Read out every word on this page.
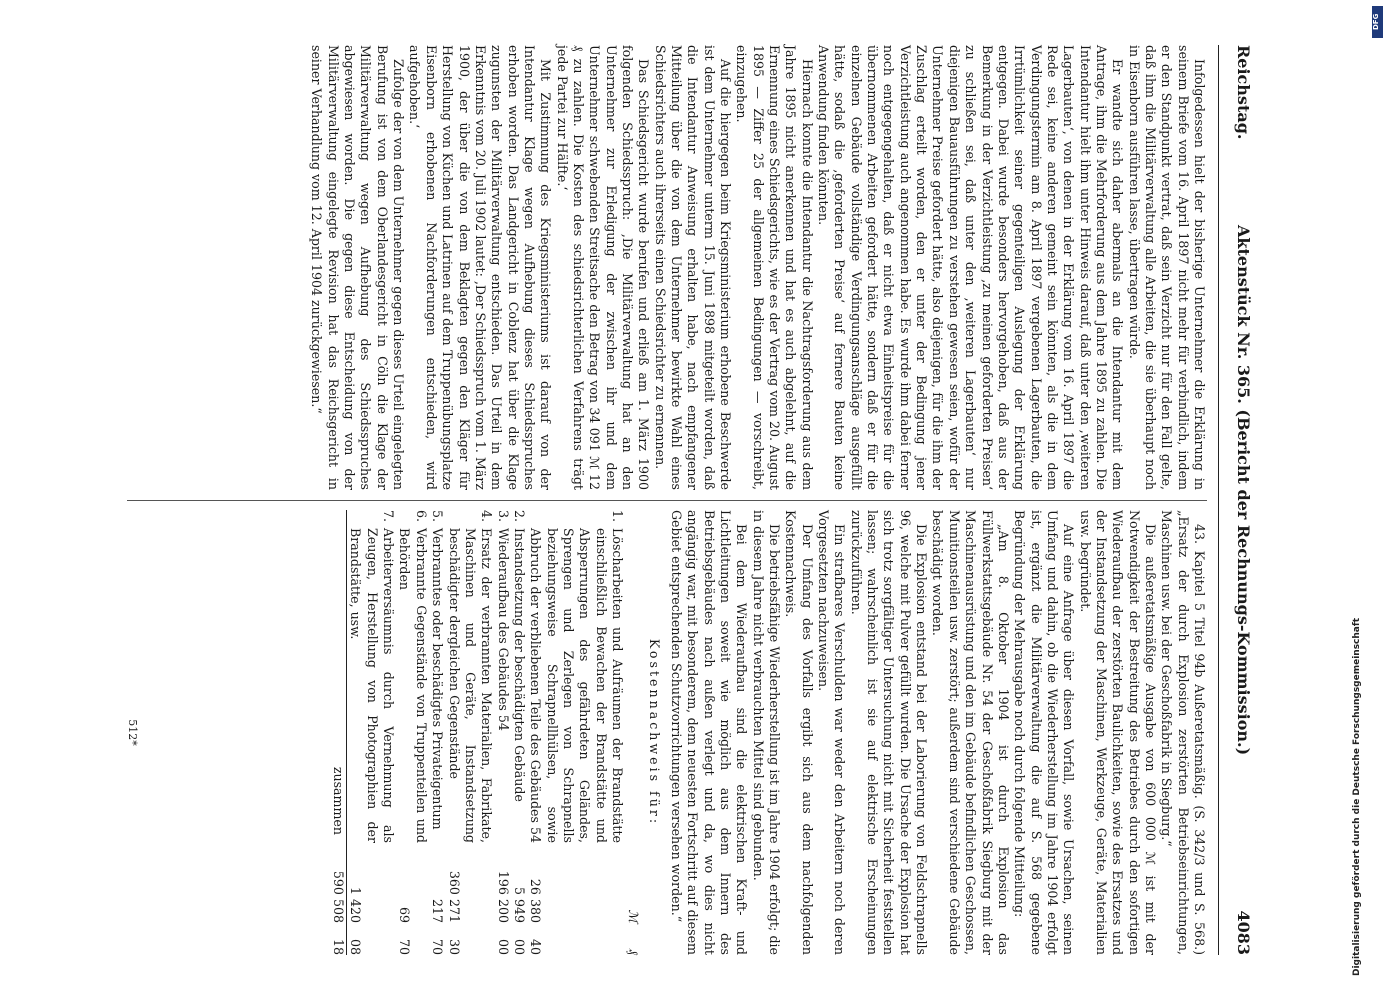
Reichstag.
Aktenstück Nr. 365. (Bericht der Rechnungs-Kommission.)
4083

Infolgedessen hielt der bisherige Unternehmer die Erklärung in seinem Briefe vom 16. April 1897 nicht mehr für verbindlich, indem er den Standpunkt vertrat, daß sein Verzicht nur für den Fall gelte, daß ihm die Militärverwaltung alle Arbeiten, die sie überhaupt noch in Eisenborn ausführen lasse, übertragen würde.

Er wandte sich daher abermals an die Intendantur mit dem Antrage, ihm die Mehrforderung aus dem Jahre 1895 zu zahlen. Die Intendantur hielt ihm unter Hinweis darauf, daß unter den ‚weiteren Lagerbauten‘, von denen in der Erklärung vom 16. April 1897 die Rede sei, keine anderen gemeint sein könnten, als die in dem Verdingungstermin am 8. April 1897 vergebenen Lagerbauten, die Irrtümlichkeit seiner gegenteiligen Auslegung der Erklärung entgegen. Dabei wurde besonders hervorgehoben, daß aus der Bemerkung in der Verzichtleistung ‚zu meinen geforderten Preisen‘ zu schließen sei, daß unter den ‚weiteren Lagerbauten‘ nur diejenigen Bauausführungen zu verstehen gewesen seien, wofür der Unternehmer Preise gefordert hätte, also diejenigen, für die ihm der Zuschlag erteilt worden, den er unter der Bedingung jener Verzichtleistung auch angenommen habe. Es wurde ihm dabei ferner noch entgegengehalten, daß er nicht etwa Einheitspreise für die übernommenen Arbeiten gefordert hätte, sondern daß er für die einzelnen Gebäude vollständige Verdingungsanschläge ausgefüllt hätte, sodaß die ‚geforderten Preise‘ auf fernere Bauten keine Anwendung finden könnten.

Hiernach konnte die Intendantur die Nachtragsforderung aus dem Jahre 1895 nicht anerkennen und hat es auch abgelehnt, auf die Ernennung eines Schiedsgerichts, wie es der Vertrag vom 20. August 1895 — Ziffer 25 der allgemeinen Bedingungen — vorschreibt, einzugehen.

Auf die hiergegen beim Kriegsministerium erhobene Beschwerde ist dem Unternehmer unterm 15. Juni 1898 mitgeteilt worden, daß die Intendantur Anweisung erhalten habe, nach empfangener Mitteilung über die von dem Unternehmer bewirkte Wahl eines Schiedsrichters auch ihrerseits einen Schiedsrichter zu ernennen.

Das Schiedsgericht wurde berufen und erließ am 1. März 1900 folgenden Schiedsspruch: ‚Die Militärverwaltung hat an den Unternehmer zur Erledigung der zwischen ihr und dem Unternehmer schwebenden Streitsache den Betrag von 34 091 ℳ 12 ₰ zu zahlen. Die Kosten des schiedsrichterlichen Verfahrens trägt jede Partei zur Hälfte.‘

Mit Zustimmung des Kriegsministeriums ist darauf von der Intendantur Klage wegen Aufhebung dieses Schiedsspruches erhoben worden. Das Landgericht in Coblenz hat über die Klage zugunsten der Militärverwaltung entschieden. Das Urteil in dem Erkenntnis vom 20. Juli 1902 lautet: ‚Der Schiedsspruch vom 1. März 1900, der über die von dem Beklagten gegen den Kläger für Herstellung von Küchen und Latrinen auf dem Truppenübungsplatze Eisenborn erhobenen Nachforderungen entschieden, wird aufgehoben.‘

Zufolge der von dem Unternehmer gegen dieses Urteil eingelegten Berufung ist von dem Oberlandesgericht in Cöln die Klage der Militärverwaltung wegen Aufhebung des Schiedsspruches abgewiesen worden. Die gegen diese Entscheidung von der Militärverwaltung eingelegte Revision hat das Reichsgericht in seiner Verhandlung vom 12. April 1904 zurückgewiesen.“

43. Kapitel 5 Titel 94b Außeretatsmäßig. (S. 342/3 und S. 568.) „Ersatz der durch Explosion zerstörten Betriebseinrichtungen, Maschinen usw. bei der Geschoßfabrik in Siegburg.“

Die außeretatsmäßige Ausgabe von 600 000 ℳ ist mit der Notwendigkeit der Bestreitung des Betriebes durch den sofortigen Wiederaufbau der zerstörten Baulichkeiten, sowie des Ersatzes und der Instandsetzung der Maschinen, Werkzeuge, Geräte, Materialien usw. begründet.

Auf eine Anfrage über diesen Vorfall, sowie Ursachen, seinen Umfang und dahin, ob die Wiederherstellung im Jahre 1904 erfolgt ist, ergänzt die Militärverwaltung die auf S. 568 gegebene Begründung der Mehrausgabe noch durch folgende Mitteilung:

„Am 8. Oktober 1904 ist durch Explosion das Füllwerkstattsgebäude Nr. 54 der Geschoßfabrik Siegburg mit der Maschinenausrüstung und den im Gebäude befindlichen Geschossen, Munitionsteilen usw. zerstört; außerdem sind verschiedene Gebäude beschädigt worden.

Die Explosion entstand bei der Laborierung von Feldschrapnells 96, welche mit Pulver gefüllt wurden. Die Ursache der Explosion hat sich trotz sorgfältiger Untersuchung nicht mit Sicherheit feststellen lassen; wahrscheinlich ist sie auf elektrische Erscheinungen zurückzuführen.

Ein strafbares Verschulden war weder den Arbeitern noch deren Vorgesetzten nachzuweisen.

Der Umfang des Vorfalls ergibt sich aus dem nachfolgenden Kostennachweis.

Die betriebsfähige Wiederherstellung ist im Jahre 1904 erfolgt; die in diesem Jahre nicht verbrauchten Mittel sind gebunden.

Bei dem Wiederaufbau sind die elektrischen Kraft- und Lichtleitungen soweit wie möglich aus dem Innern des Betriebsgebäudes nach außen verlegt und da, wo dies nicht angängig war, mit besonderem, dem neuesten Fortschritt auf diesem Gebiet entsprechenden Schutzvorrichtungen versehen worden.“

Kostennachweis für:
		ℳ	₰
1.	Löscharbeiten und Aufräumen der Brandstätte einschließlich Bewachen der Brandstätte und Absperrungen des gefährdeten Geländes, Sprengen und Zerlegen von Schrapnells beziehungsweise Schrapnellhülsen, sowie Abbruch der verbliebenen Teile des Gebäudes 54	26 380	40
2.	Instandsetzung der beschädigten Gebäude	5 949	00
3.	Wiederaufbau des Gebäudes 54	196 200	00
4.	Ersatz der verbrannten Materialien, Fabrikate, Maschinen und Geräte, Instandsetzung beschädigter dergleichen Gegenstände	360 271	30
5.	Verbranntes oder beschädigtes Privateigentum	217	70
6.	Verbrannte Gegenstände von Truppenteilen und Behörden	69	70
7.	Arbeiterversäumnis durch Vernehmung als Zeugen, Herstellung von Photographien der Brandstätte, usw.	1 420	08
	zusammen	590 508	18
512*	Digitalisierung gefördert durch die Deutsche Forschungsgemeinschaft
DFG
